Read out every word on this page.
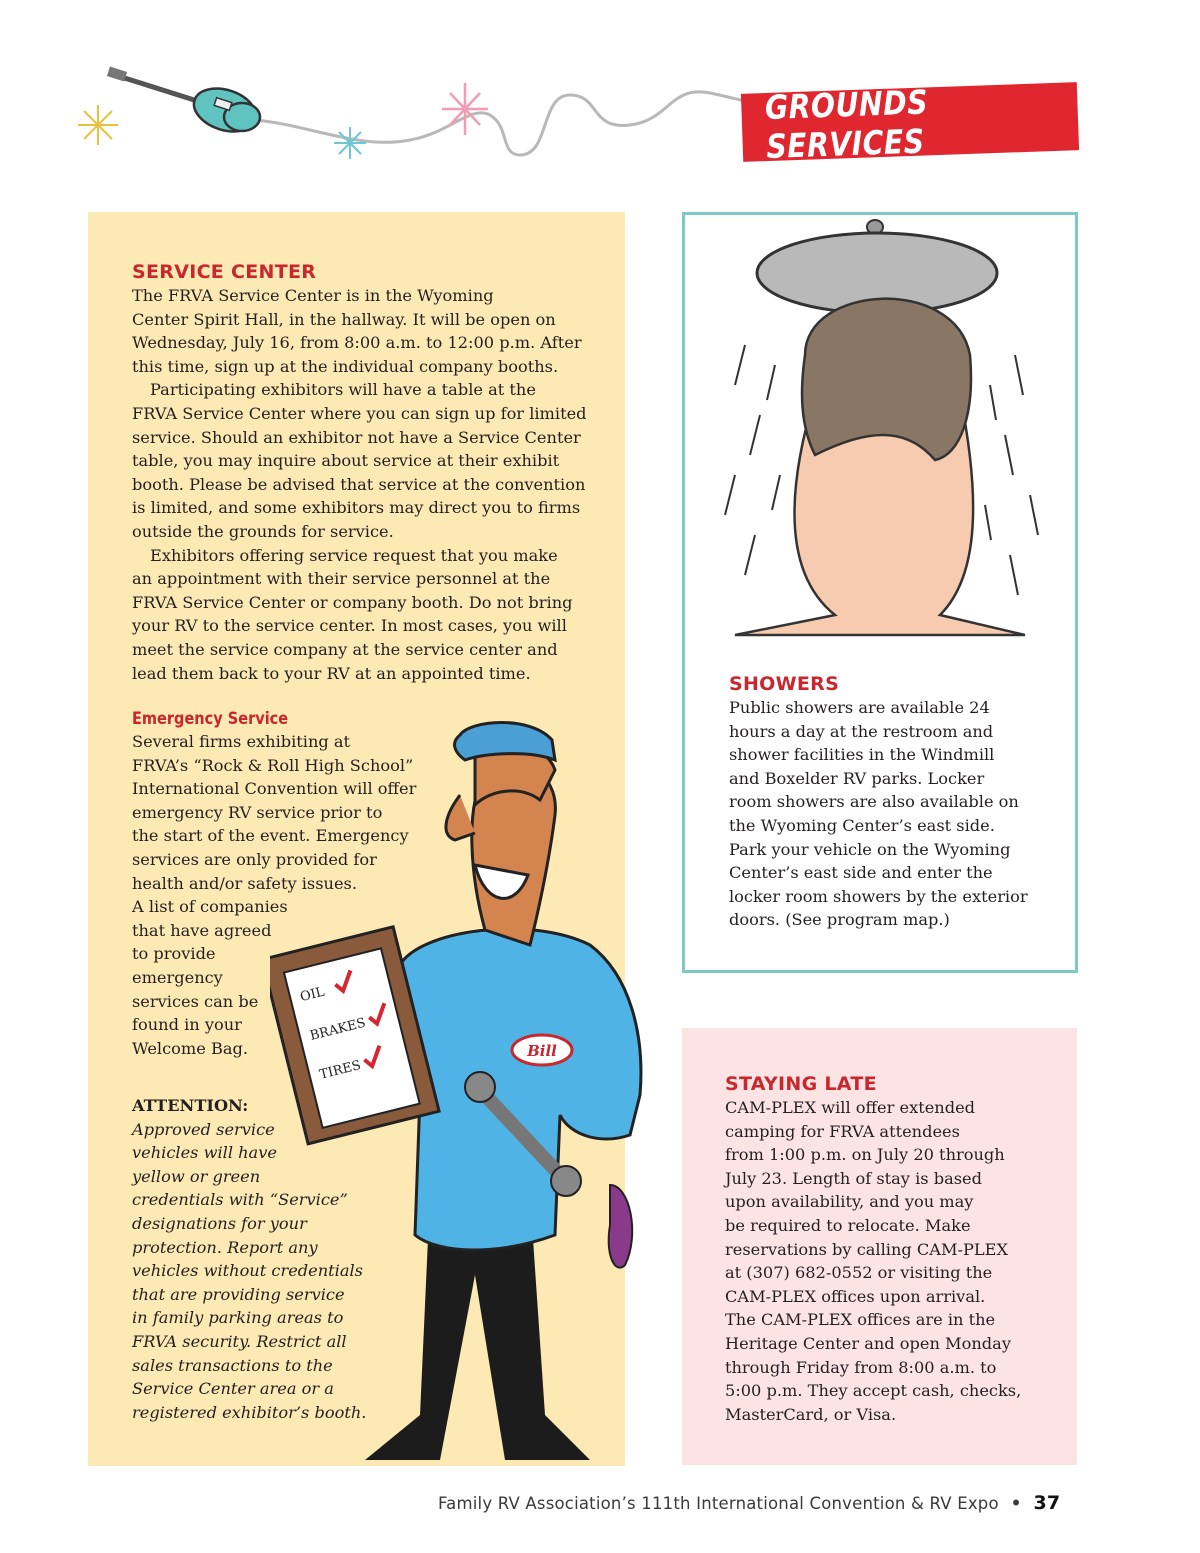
GROUNDS SERVICES
SERVICE CENTER
The FRVA Service Center is in the Wyoming
Center Spirit Hall, in the hallway. It will be open on
Wednesday, July 16, from 8:00 a.m. to 12:00 p.m. After
this time, sign up at the individual company booths.
Participating exhibitors will have a table at the
FRVA Service Center where you can sign up for limited
service. Should an exhibitor not have a Service Center
table, you may inquire about service at their exhibit
booth. Please be advised that service at the convention
is limited, and some exhibitors may direct you to firms
outside the grounds for service.
Exhibitors offering service request that you make
an appointment with their service personnel at the
FRVA Service Center or company booth. Do not bring
your RV to the service center. In most cases, you will
meet the service company at the service center and
lead them back to your RV at an appointed time.
Emergency Service
Several firms exhibiting at
FRVA’s “Rock & Roll High School”
International Convention will offer
emergency RV service prior to
the start of the event. Emergency
services are only provided for
health and/or safety issues.
A list of companies
that have agreed
to provide
emergency
services can be
found in your
Welcome Bag.

ATTENTION:

Approved service
vehicles will have
yellow or green
credentials with “Service”
designations for your
protection. Report any
vehicles without credentials
that are providing service
in family parking areas to
FRVA security. Restrict all
sales transactions to the
Service Center area or a
registered exhibitor’s booth.
Bill
OIL
BRAKES
TIRES
SHOWERS
Public showers are available 24
hours a day at the restroom and
shower facilities in the Windmill
and Boxelder RV parks. Locker
room showers are also available on
the Wyoming Center’s east side.
Park your vehicle on the Wyoming
Center’s east side and enter the
locker room showers by the exterior
doors. (See program map.)
STAYING LATE
CAM-PLEX will offer extended
camping for FRVA attendees
from 1:00 p.m. on July 20 through
July 23. Length of stay is based
upon availability, and you may
be required to relocate. Make
reservations by calling CAM-PLEX
at (307) 682-0552 or visiting the
CAM-PLEX offices upon arrival.
The CAM-PLEX offices are in the
Heritage Center and open Monday
through Friday from 8:00 a.m. to
5:00 p.m. They accept cash, checks,
MasterCard, or Visa.
Family RV Association’s 111th International Convention & RV Expo • 37
